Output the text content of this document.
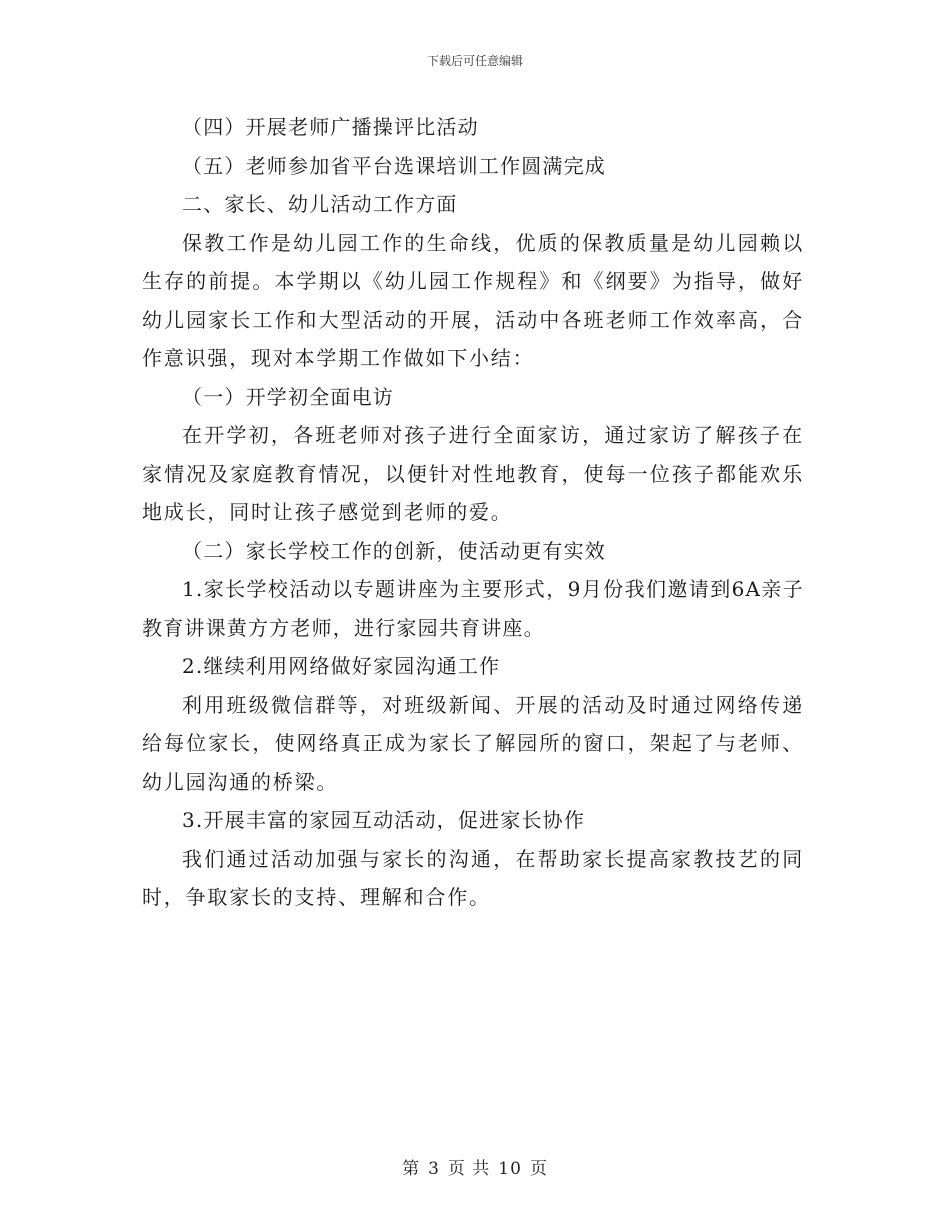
下载后可任意编辑

（四）开展老师广播操评比活动

（五）老师参加省平台选课培训工作圆满完成

二、家长、幼儿活动工作方面

保教工作是幼儿园工作的生命线，优质的保教质量是幼儿园赖以生存的前提。本学期以《幼儿园工作规程》和《纲要》为指导，做好幼儿园家长工作和大型活动的开展，活动中各班老师工作效率高，合作意识强，现对本学期工作做如下小结：

（一）开学初全面电访

在开学初，各班老师对孩子进行全面家访，通过家访了解孩子在家情况及家庭教育情况，以便针对性地教育，使每一位孩子都能欢乐地成长，同时让孩子感觉到老师的爱。

（二）家长学校工作的创新，使活动更有实效

1.家长学校活动以专题讲座为主要形式，9月份我们邀请到6A亲子教育讲课黄方方老师，进行家园共育讲座。

2.继续利用网络做好家园沟通工作

利用班级微信群等，对班级新闻、开展的活动及时通过网络传递给每位家长，使网络真正成为家长了解园所的窗口，架起了与老师、幼儿园沟通的桥梁。

3.开展丰富的家园互动活动，促进家长协作

我们通过活动加强与家长的沟通，在帮助家长提高家教技艺的同时，争取家长的支持、理解和合作。

第 3 页 共 10 页
